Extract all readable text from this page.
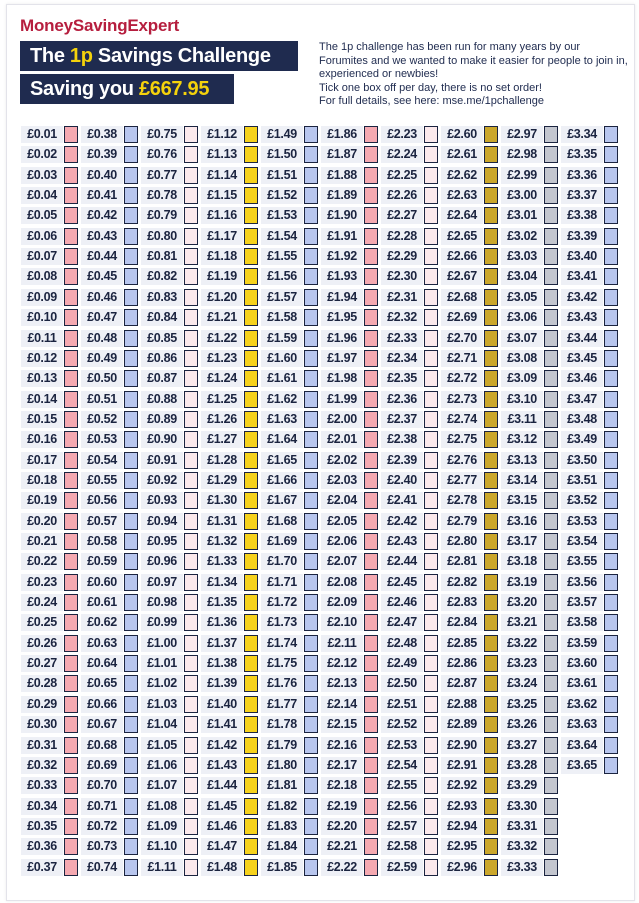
MoneySavingExpert
The 1p Savings Challenge
Saving you £667.95

The 1p challenge has been run for many years by our Forumites and we wanted to make it easier for people to join in, experienced or newbies!

Tick one box off per day, there is no set order!

For full details, see here: mse.me/1pchallenge

£0.01
£0.02
£0.03
£0.04
£0.05
£0.06
£0.07
£0.08
£0.09
£0.10
£0.11
£0.12
£0.13
£0.14
£0.15
£0.16
£0.17
£0.18
£0.19
£0.20
£0.21
£0.22
£0.23
£0.24
£0.25
£0.26
£0.27
£0.28
£0.29
£0.30
£0.31
£0.32
£0.33
£0.34
£0.35
£0.36
£0.37
£0.38
£0.39
£0.40
£0.41
£0.42
£0.43
£0.44
£0.45
£0.46
£0.47
£0.48
£0.49
£0.50
£0.51
£0.52
£0.53
£0.54
£0.55
£0.56
£0.57
£0.58
£0.59
£0.60
£0.61
£0.62
£0.63
£0.64
£0.65
£0.66
£0.67
£0.68
£0.69
£0.70
£0.71
£0.72
£0.73
£0.74
£0.75
£0.76
£0.77
£0.78
£0.79
£0.80
£0.81
£0.82
£0.83
£0.84
£0.85
£0.86
£0.87
£0.88
£0.89
£0.90
£0.91
£0.92
£0.93
£0.94
£0.95
£0.96
£0.97
£0.98
£0.99
£1.00
£1.01
£1.02
£1.03
£1.04
£1.05
£1.06
£1.07
£1.08
£1.09
£1.10
£1.11
£1.12
£1.13
£1.14
£1.15
£1.16
£1.17
£1.18
£1.19
£1.20
£1.21
£1.22
£1.23
£1.24
£1.25
£1.26
£1.27
£1.28
£1.29
£1.30
£1.31
£1.32
£1.33
£1.34
£1.35
£1.36
£1.37
£1.38
£1.39
£1.40
£1.41
£1.42
£1.43
£1.44
£1.45
£1.46
£1.47
£1.48
£1.49
£1.50
£1.51
£1.52
£1.53
£1.54
£1.55
£1.56
£1.57
£1.58
£1.59
£1.60
£1.61
£1.62
£1.63
£1.64
£1.65
£1.66
£1.67
£1.68
£1.69
£1.70
£1.71
£1.72
£1.73
£1.74
£1.75
£1.76
£1.77
£1.78
£1.79
£1.80
£1.81
£1.82
£1.83
£1.84
£1.85
£1.86
£1.87
£1.88
£1.89
£1.90
£1.91
£1.92
£1.93
£1.94
£1.95
£1.96
£1.97
£1.98
£1.99
£2.00
£2.01
£2.02
£2.03
£2.04
£2.05
£2.06
£2.07
£2.08
£2.09
£2.10
£2.11
£2.12
£2.13
£2.14
£2.15
£2.16
£2.17
£2.18
£2.19
£2.20
£2.21
£2.22
£2.23
£2.24
£2.25
£2.26
£2.27
£2.28
£2.29
£2.30
£2.31
£2.32
£2.33
£2.34
£2.35
£2.36
£2.37
£2.38
£2.39
£2.40
£2.41
£2.42
£2.43
£2.44
£2.45
£2.46
£2.47
£2.48
£2.49
£2.50
£2.51
£2.52
£2.53
£2.54
£2.55
£2.56
£2.57
£2.58
£2.59
£2.60
£2.61
£2.62
£2.63
£2.64
£2.65
£2.66
£2.67
£2.68
£2.69
£2.70
£2.71
£2.72
£2.73
£2.74
£2.75
£2.76
£2.77
£2.78
£2.79
£2.80
£2.81
£2.82
£2.83
£2.84
£2.85
£2.86
£2.87
£2.88
£2.89
£2.90
£2.91
£2.92
£2.93
£2.94
£2.95
£2.96
£2.97
£2.98
£2.99
£3.00
£3.01
£3.02
£3.03
£3.04
£3.05
£3.06
£3.07
£3.08
£3.09
£3.10
£3.11
£3.12
£3.13
£3.14
£3.15
£3.16
£3.17
£3.18
£3.19
£3.20
£3.21
£3.22
£3.23
£3.24
£3.25
£3.26
£3.27
£3.28
£3.29
£3.30
£3.31
£3.32
£3.33
£3.34
£3.35
£3.36
£3.37
£3.38
£3.39
£3.40
£3.41
£3.42
£3.43
£3.44
£3.45
£3.46
£3.47
£3.48
£3.49
£3.50
£3.51
£3.52
£3.53
£3.54
£3.55
£3.56
£3.57
£3.58
£3.59
£3.60
£3.61
£3.62
£3.63
£3.64
£3.65
